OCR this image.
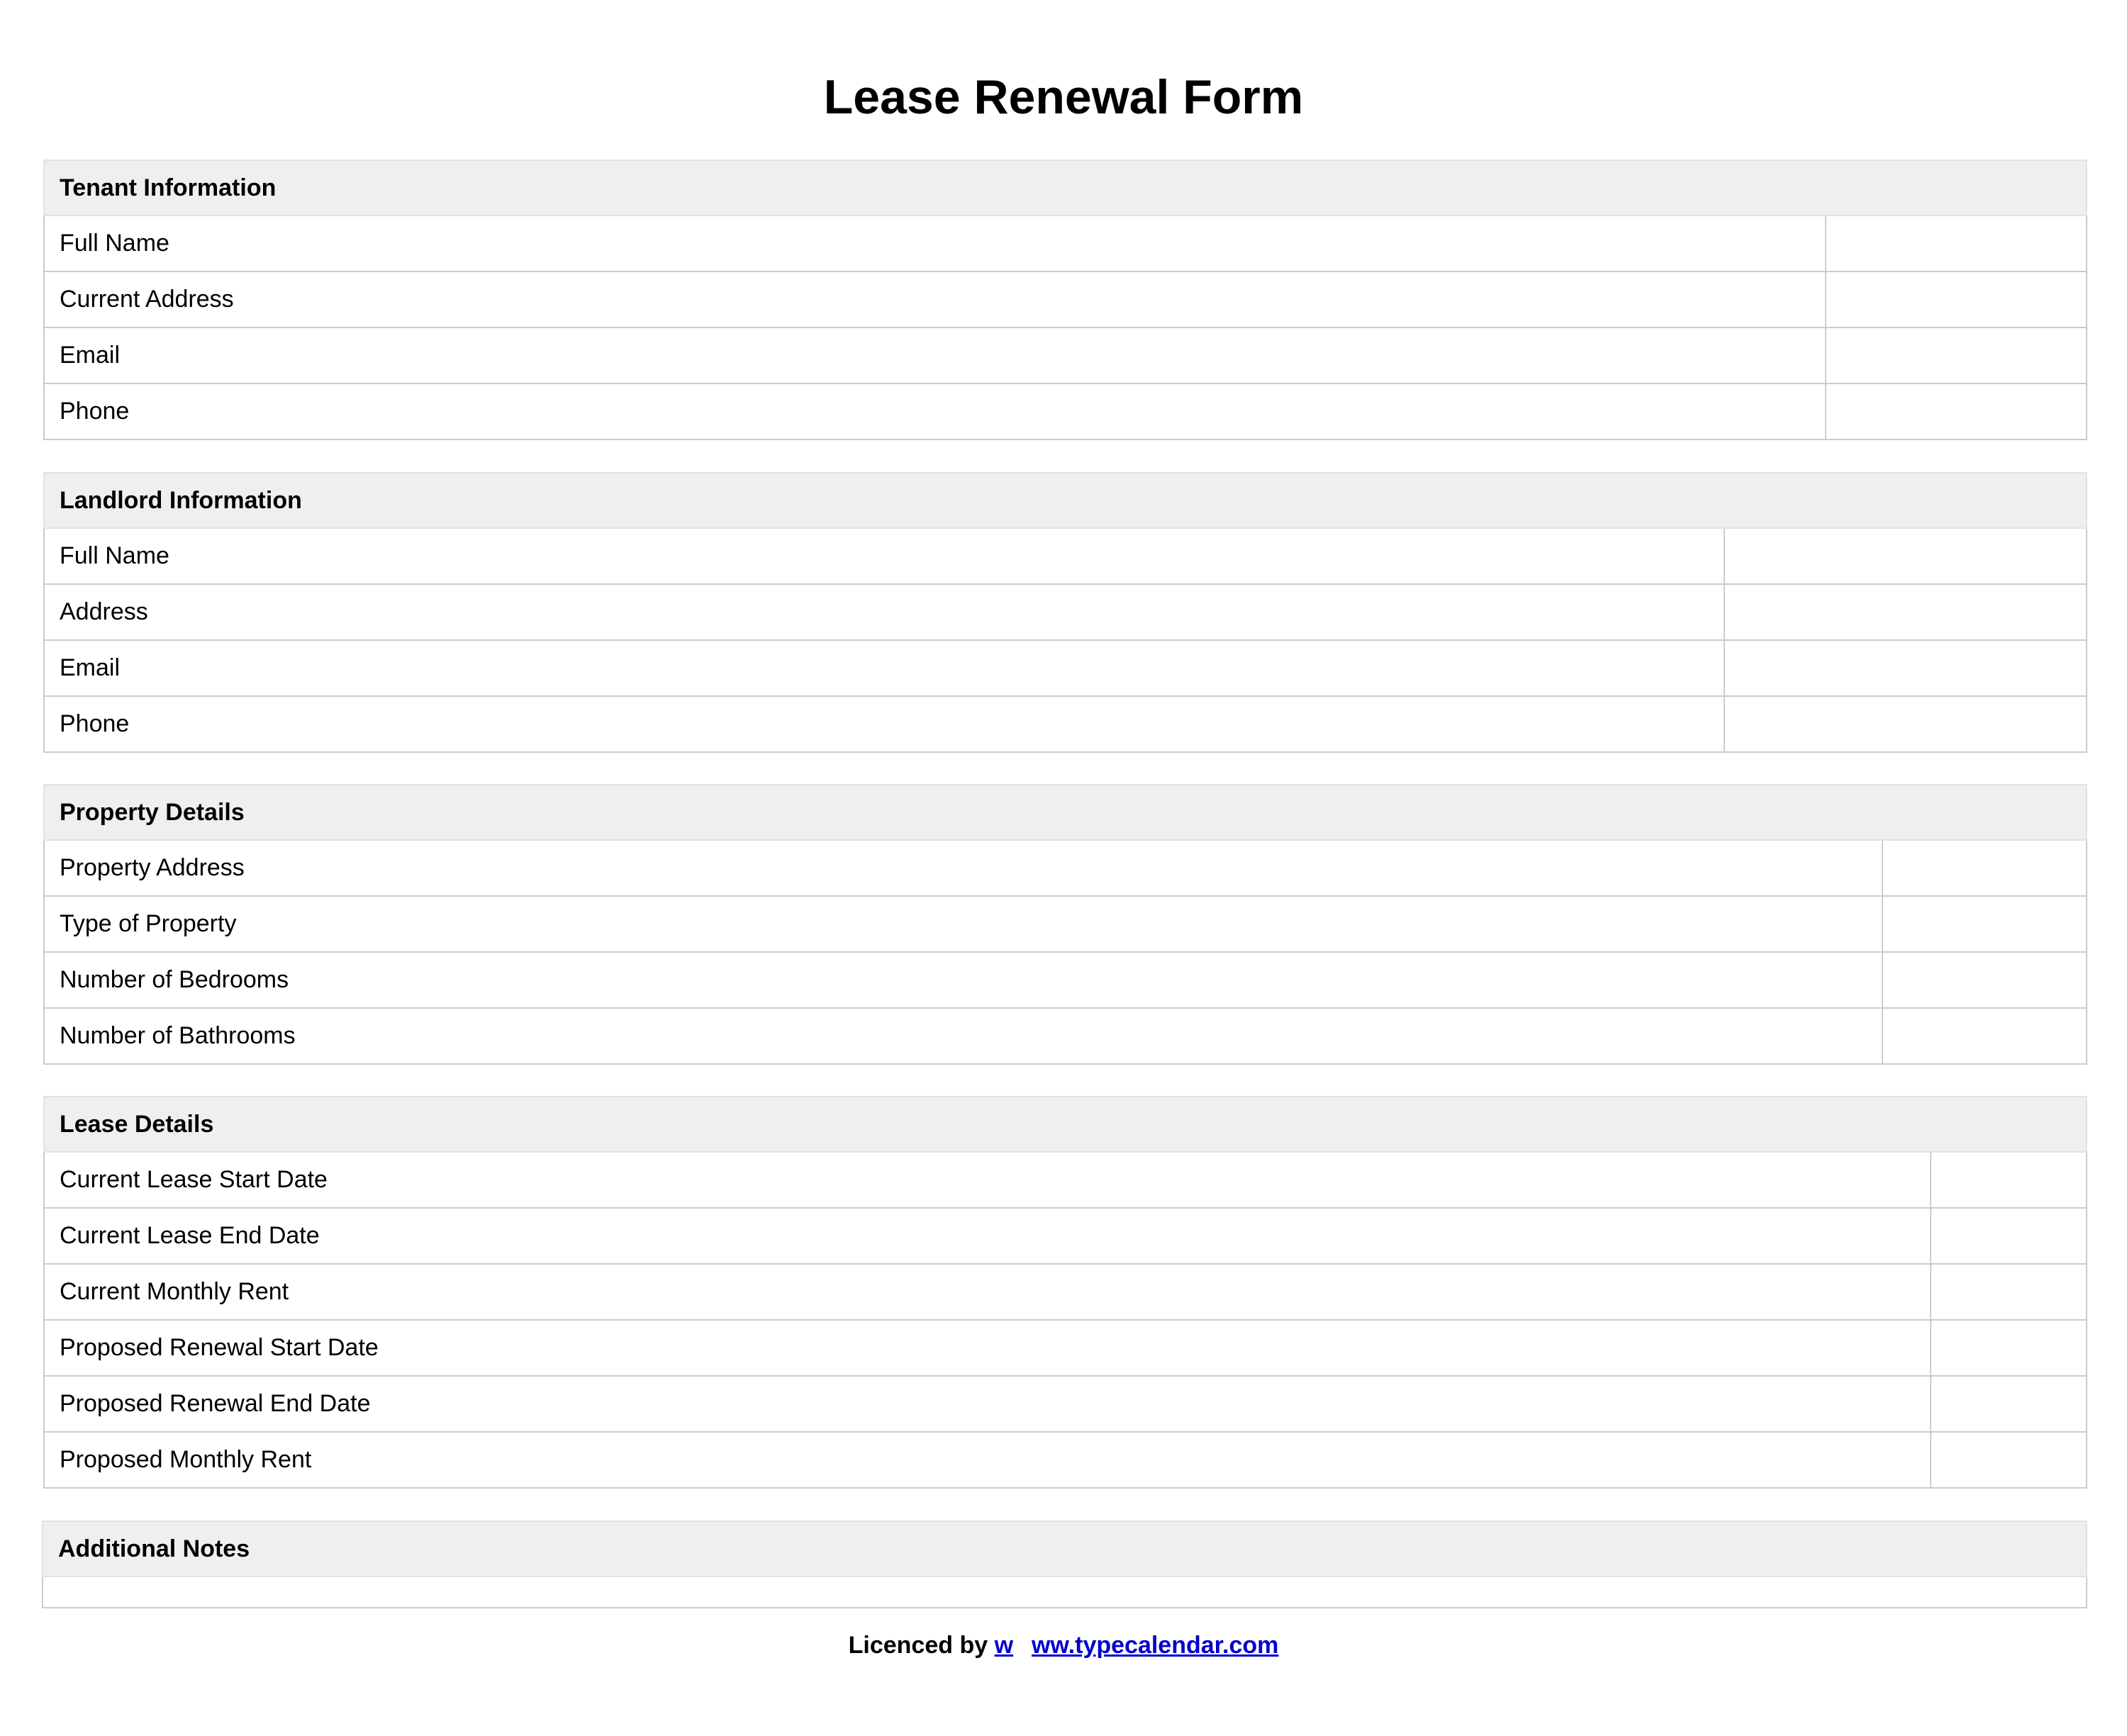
Lease Renewal Form
Tenant Information
Full Name
Current Address
Email
Phone
Landlord Information
Full Name
Address
Email
Phone
Property Details
Property Address
Type of Property
Number of Bedrooms
Number of Bathrooms
Lease Details
Current Lease Start Date
Current Lease End Date
Current Monthly Rent
Proposed Renewal Start Date
Proposed Renewal End Date
Proposed Monthly Rent
Additional Notes
Licenced by w ww.typecalendar.com
